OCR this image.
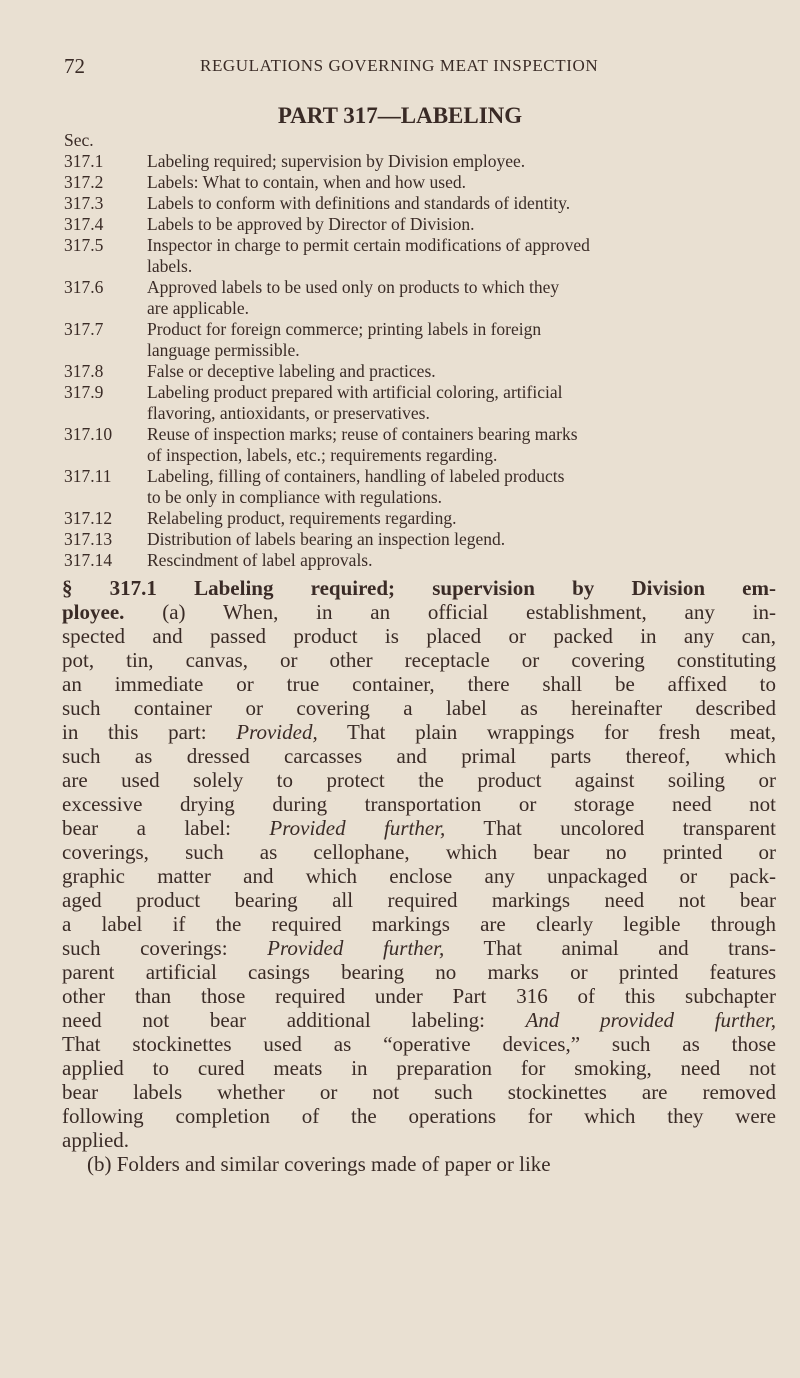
72	REGULATIONS GOVERNING MEAT INSPECTION
PART 317—LABELING
Sec.
317.1	Labeling required; supervision by Division employee.
317.2	Labels: What to contain, when and how used.
317.3	Labels to conform with definitions and standards of identity.
317.4	Labels to be approved by Director of Division.
317.5	Inspector in charge to permit certain modifications of approved
labels.
317.6	Approved labels to be used only on products to which they
are applicable.
317.7	Product for foreign commerce; printing labels in foreign
language permissible.
317.8	False or deceptive labeling and practices.
317.9	Labeling product prepared with artificial coloring, artificial
flavoring, antioxidants, or preservatives.
317.10	Reuse of inspection marks; reuse of containers bearing marks
of inspection, labels, etc.; requirements regarding.
317.11	Labeling, filling of containers, handling of labeled products
to be only in compliance with regulations.
317.12	Relabeling product, requirements regarding.
317.13	Distribution of labels bearing an inspection legend.
317.14	Rescindment of label approvals.
§ 317.1 Labeling required; supervision by Division em-
ployee. (a) When, in an official establishment, any in-
spected and passed product is placed or packed in any can,
pot, tin, canvas, or other receptacle or covering constituting
an immediate or true container, there shall be affixed to
such container or covering a label as hereinafter described
in this part: Provided, That plain wrappings for fresh meat,
such as dressed carcasses and primal parts thereof, which
are used solely to protect the product against soiling or
excessive drying during transportation or storage need not
bear a label: Provided further, That uncolored transparent
coverings, such as cellophane, which bear no printed or
graphic matter and which enclose any unpackaged or pack-
aged product bearing all required markings need not bear
a label if the required markings are clearly legible through
such coverings: Provided further, That animal and trans-
parent artificial casings bearing no marks or printed features
other than those required under Part 316 of this subchapter
need not bear additional labeling: And provided further,
That stockinettes used as “operative devices,” such as those
applied to cured meats in preparation for smoking, need not
bear labels whether or not such stockinettes are removed
following completion of the operations for which they were
applied.
(b) Folders and similar coverings made of paper or like
